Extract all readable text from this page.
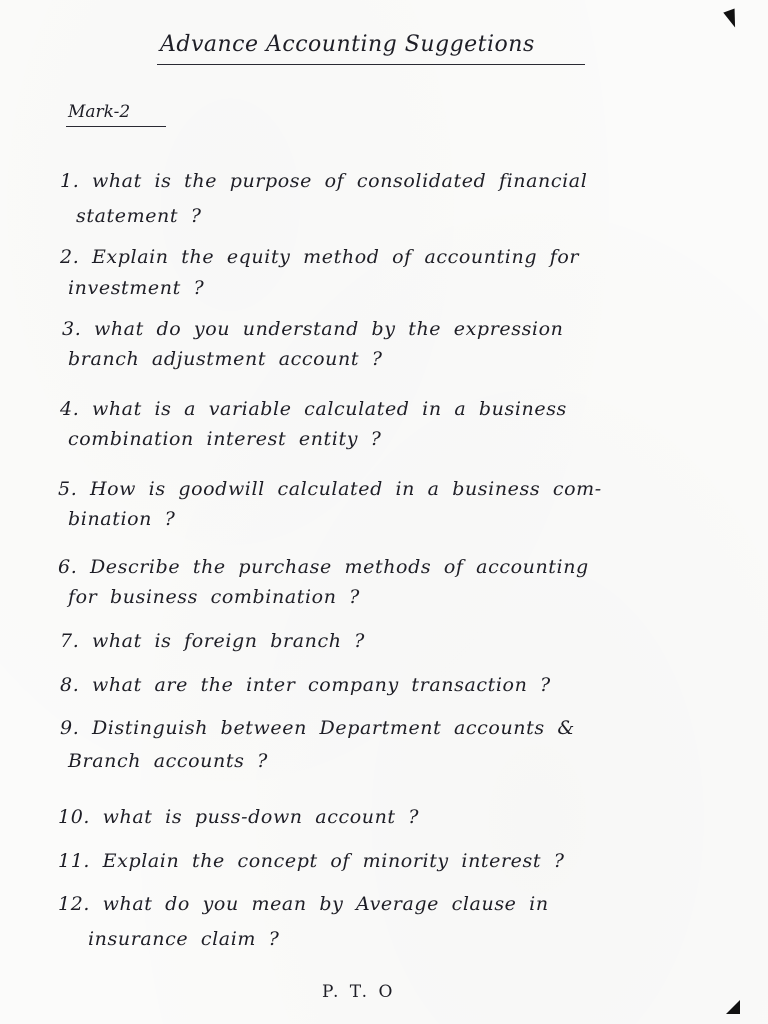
Advance Accounting Suggetions
Mark-2
1. what is the purpose of consolidated financial
statement ?
2. Explain the equity method of accounting for
investment ?
3. what do you understand by the expression
branch adjustment account ?
4. what is a variable calculated in a business
combination interest entity ?
5. How is goodwill calculated in a business com-
bination ?
6. Describe the purchase methods of accounting
for business combination ?
7. what is foreign branch ?
8. what are the inter company transaction ?
9. Distinguish between Department accounts &
Branch accounts ?
10. what is puss-down account ?
11. Explain the concept of minority interest ?
12. what do you mean by Average clause in
insurance claim ?
P. T. O
